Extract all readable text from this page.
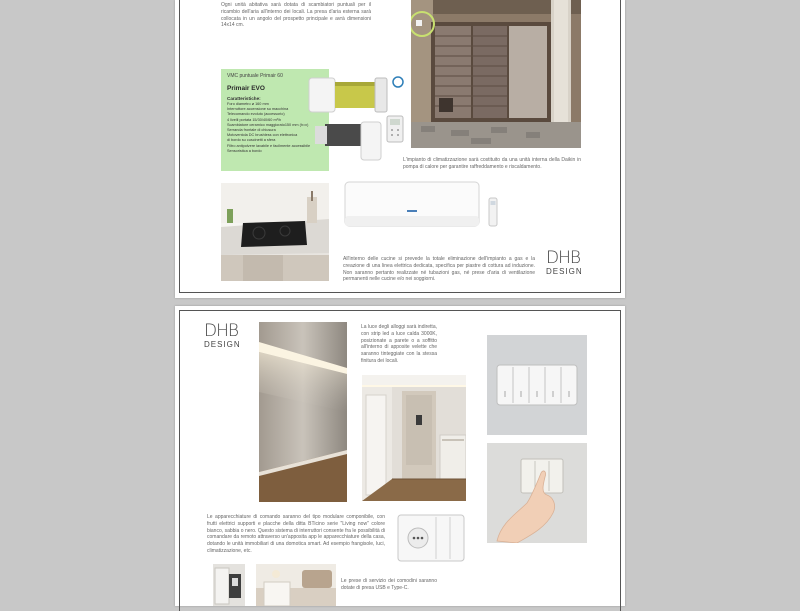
Ogni unità abitativa sarà dotata di scambiatori puntuali per il ricambio dell'aria all'interno dei locali. La presa d'aria esterna sarà collocata in un angolo del prospetto principale e avrà dimensioni 14x14 cm.
VMC puntuale Primair 60
Primair EVO
Caratteristiche:
Foro diametro ø 160 mm
Interruttore accensione su macchina
Telecomando evoluto (accessorio)
4 livelli portata 15/30/40/60 m³/h
Scambiatore ceramico maggiorato150 mm (h=x)
Serranda frontale di chiusura
Motoventola DC brushless con elettronica
di bordo su cuscinetti a sfera
Filtro antipolvere lavabile e facilmente accessibile
Sensoristica a bordo
L'impianto di climatizzazione sarà costituito da una unità interna della Daikin in pompa di calore per garantire raffreddamento e riscaldamento.
All'interno delle cucine si prevede la totale eliminazione dell'impianto a gas e la creazione di una linea elettrica dedicata, specifica per piastre di cottura ad induzione. Non saranno pertanto realizzate né tubazioni gas, né prese d'aria di ventilazione permanenti nelle cucine e/o nei soggiorni.
DHB
DESIGN
DHB
DESIGN
La luce degli alloggi sarà indiretta, con strip led a luce calda 3000K, posizionate a parete o a soffitto all'interno di apposite velette che saranno tinteggiate con la stessa finitura dei locali.
Le apparecchiature di comando saranno del tipo modulare componibile, con frutti elettrici supporti e placche della ditta BTicino serie "Living now" colore bianco, sabbia o nero. Questo sistema di interruttori consente fra le possibilità di comandare da remoto attraverso un'apposita app le apparecchiature della casa, dotando le unità immobiliari di una domotica smart. Ad esempio frangisole, luci, climatizzazione, etc.
Le prese di servizio dei comodini saranno dotate di presa USB e Type-C.
